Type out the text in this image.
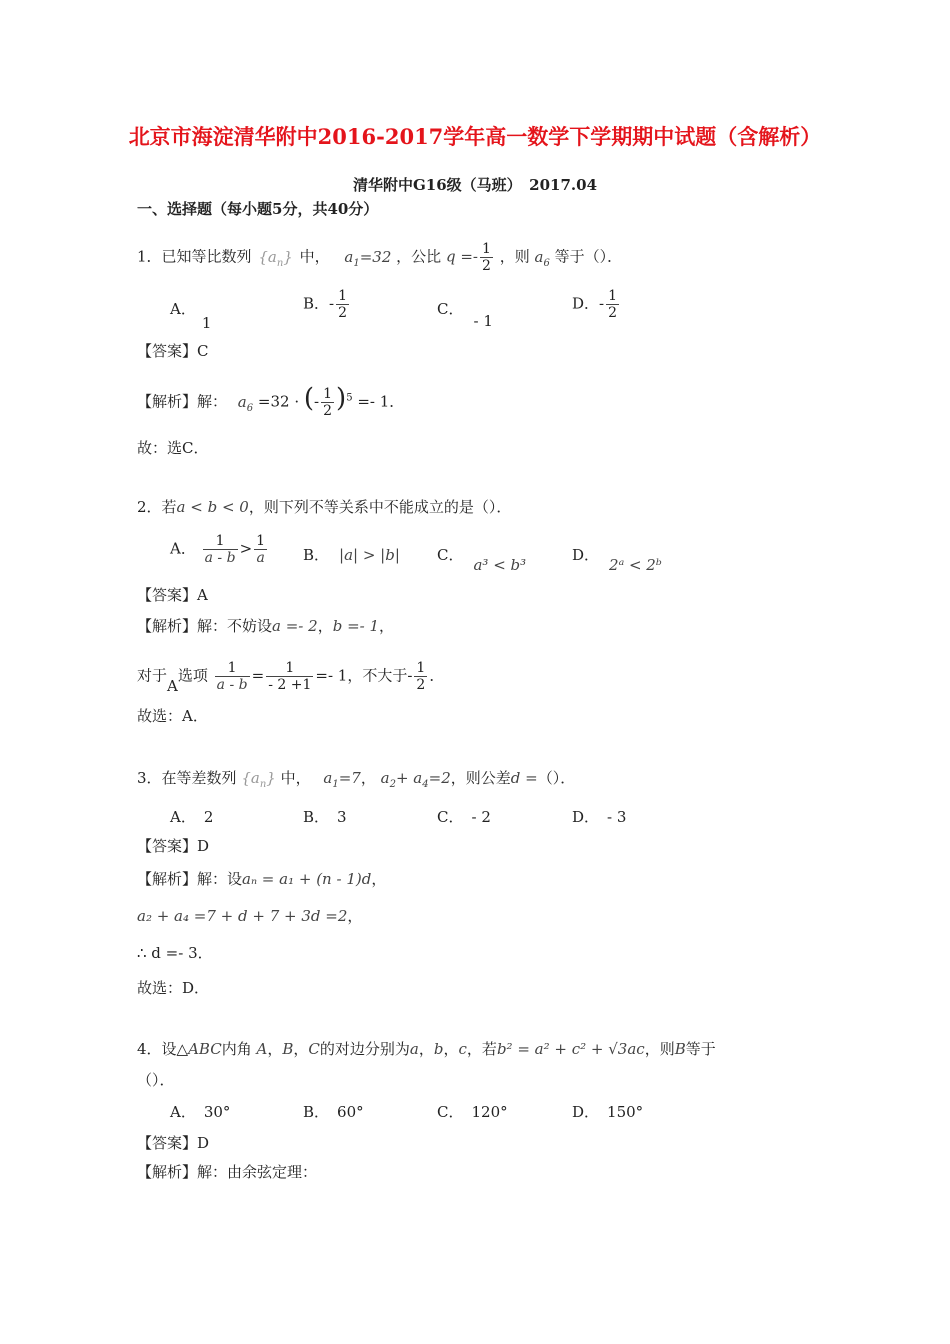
北京市海淀清华附中2016-2017学年高一数学下学期期中试题（含解析）
清华附中G16级（马班）　2017.04
一、选择题（每小题5分，共40分）
1．已知等比数列 $\{a_n\}$ 中， $a_1=32$ ，公比 $q =- \frac{1}{2}$ ，则 $a_6$ 等于（）．
A．1
B．- $\frac{1}{2}$	C．- 1
D．- $\frac{1}{2}$
【答案】C
【解析】解： $a_6 =32$ · (- $\frac{1}{2} )^5 =- 1$．
故：选C．
2．若a < b < 0，则下列不等关系中不能成立的是（）．
A． $\frac{1}{a - b} > \frac{1}{a}$ B． |a| > |b| C．a³ < b³
D．2ᵃ < 2ᵇ
【答案】A
【解析】解：不妨设a =- 2，b =- 1，
对于A选项 $\frac{1}{a - b} = \frac{1}{- 2 +1} =- 1$，不大于- $\frac{1}{2}$ ．
故选：A．
3．在等差数列 $\{a_n\}$ 中， $a_1=7$， $a_2+ a_4=2$，则公差d =（）．
A． 2	B． 3	C． - 2	D． - 3
【答案】D
【解析】解：设aₙ = a₁ + (n - 1)d，
a₂ + a₄ =7 + d + 7 + 3d =2，
∴ d =- 3．
故选：D．
4．设△ABC内角 A，B，C的对边分别为a，b，c，若b² = a² + c² + √3ac，则B等于
（）．
A． 30°	B． 60°	C． 120°	D． 150°
【答案】D
【解析】解：由余弦定理：
